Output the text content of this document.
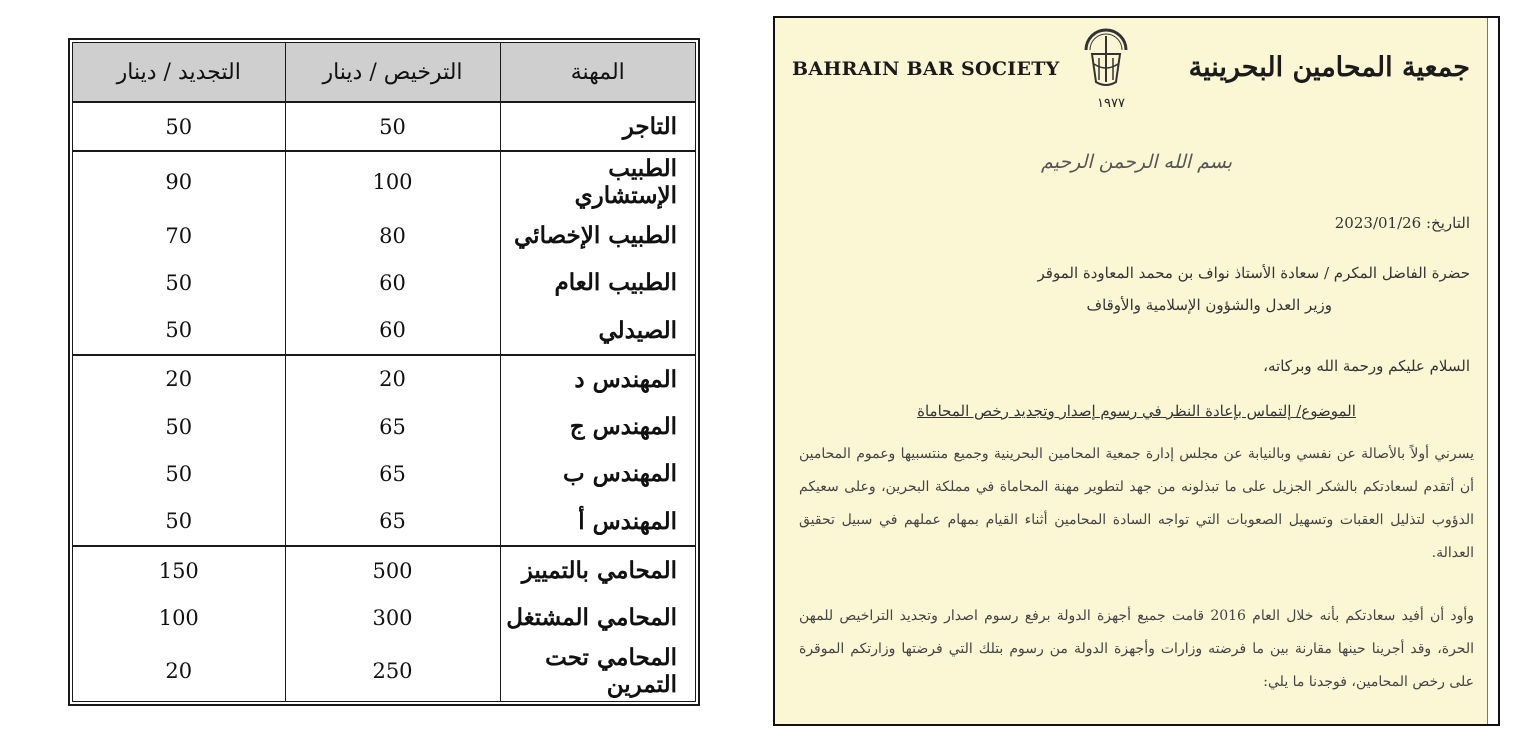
المهنة	الترخيص / دينار	التجديد / دينار
التاجر	50	50
الطبيب الإستشاري	100	90
الطبيب الإخصائي	80	70
الطبيب العام	60	50
الصيدلي	60	50
المهندس د	20	20
المهندس ج	65	50
المهندس ب	65	50
المهندس أ	65	50
المحامي بالتمييز	500	150
المحامي المشتغل	300	100
المحامي تحت التمرين	250	20
BAHRAIN BAR SOCIETY
١٩٧٧
جمعية المحامين البحرينية
بسم الله الرحمن الرحيم
التاريخ: 2023/01/26
حضرة الفاضل المكرم / سعادة الأستاذ نواف بن محمد المعاودة الموقر
وزير العدل والشؤون الإسلامية والأوقاف
السلام عليكم ورحمة الله وبركاته،
الموضوع/ إلتماس بإعادة النظر في رسوم إصدار وتجديد رخص المحاماة
يسرني أولاً بالأصالة عن نفسي وبالنيابة عن مجلس إدارة جمعية المحامين البحرينية وجميع منتسبيها وعموم المحامين أن أتقدم لسعادتكم بالشكر الجزيل على ما تبذلونه من جهد لتطوير مهنة المحاماة في مملكة البحرين، وعلى سعيكم الدؤوب لتذليل العقبات وتسهيل الصعوبات التي تواجه السادة المحامين أثناء القيام بمهام عملهم في سبيل تحقيق العدالة.
وأود أن أفيد سعادتكم بأنه خلال العام 2016 قامت جميع أجهزة الدولة برفع رسوم اصدار وتجديد التراخيص للمهن الحرة، وقد أجرينا حينها مقارنة بين ما فرضته وزارات وأجهزة الدولة من رسوم بتلك التي فرضتها وزارتكم الموقرة على رخص المحامين، فوجدنا ما يلي:
